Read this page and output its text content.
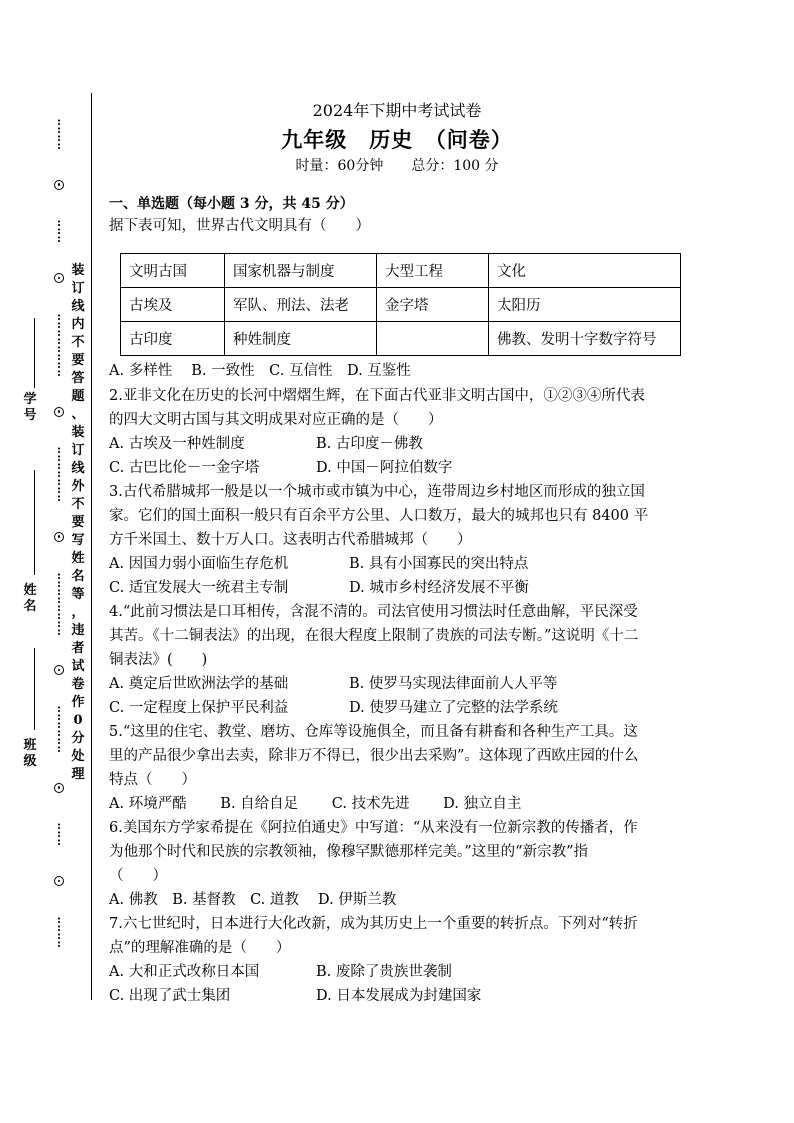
:
:
:
:
:
:
:
:
:
:
:
:
:
:
:
:
:
:
:
:
:
:
:
:
:
:
:
:
:
:
:
:
:
:
:
:
:
:
:
:
:
:
:
装
订
线
内
不
要
答
题
、
装
订
线
外
不
要
写
姓
名
等
，
违
者
试
卷
作
0
分
处
理
学
号
姓
名
班
级
2024年下期中考试试卷
九年级　历史　（问卷）
时量：60分钟　　总分：100 分
一、单选题（每小题 3 分，共 45 分）
据下表可知，世界古代文明具有（　　）
文明古国	国家机器与制度	大型工程	文化
古埃及	军队、刑法、法老	金字塔	太阳历
古印度	种姓制度		佛教、发明十字数字符号
A. 多样性　 B. 一致性　C. 互信性　D. 互鉴性
2.亚非文化在历史的长河中熠熠生辉，在下面古代亚非文明古国中，①②③④所代表
的四大文明古国与其文明成果对应正确的是（　　）
A. 古埃及一种姓制度	B. 古印度－佛教
C. 古巴比伦－一金字塔	D. 中国－阿拉伯数字
3.古代希腊城邦一般是以一个城市或市镇为中心，连带周边乡村地区而形成的独立国
家。它们的国土面积一般只有百余平方公里、人口数万，最大的城邦也只有 8400 平
方千米国土、数十万人口。这表明古代希腊城邦（　　）
A. 因国力弱小面临生存危机	B. 具有小国寡民的突出特点
C. 适宜发展大一统君主专制	D. 城市乡村经济发展不平衡
4.“此前习惯法是口耳相传，含混不清的。司法官使用习惯法时任意曲解，平民深受
其苦。《十二铜表法》的出现，在很大程度上限制了贵族的司法专断。”这说明《十二
铜表法》(　　)
A. 奠定后世欧洲法学的基础	B. 使罗马实现法律面前人人平等
C. 一定程度上保护平民利益	D. 使罗马建立了完整的法学系统
5.“这里的住宅、教堂、磨坊、仓库等设施俱全，而且备有耕畜和各种生产工具。这
里的产品很少拿出去卖，除非万不得已，很少出去采购”。这体现了西欧庄园的什么
特点（　　）
A. 环境严酷　　 B. 自给自足　　 C. 技术先进　　 D. 独立自主
6.美国东方学家希提在《阿拉伯通史》中写道：“从来没有一位新宗教的传播者，作
为他那个时代和民族的宗教领袖，像穆罕默德那样完美。”这里的“新宗教”指
（　　）
A. 佛教　B. 基督教　C. 道教　 D. 伊斯兰教
7.六七世纪时，日本进行大化改新，成为其历史上一个重要的转折点。下列对“转折
点”的理解准确的是（　　）
A. 大和正式改称日本国	B. 废除了贵族世袭制
C. 出现了武士集团	D. 日本发展成为封建国家
